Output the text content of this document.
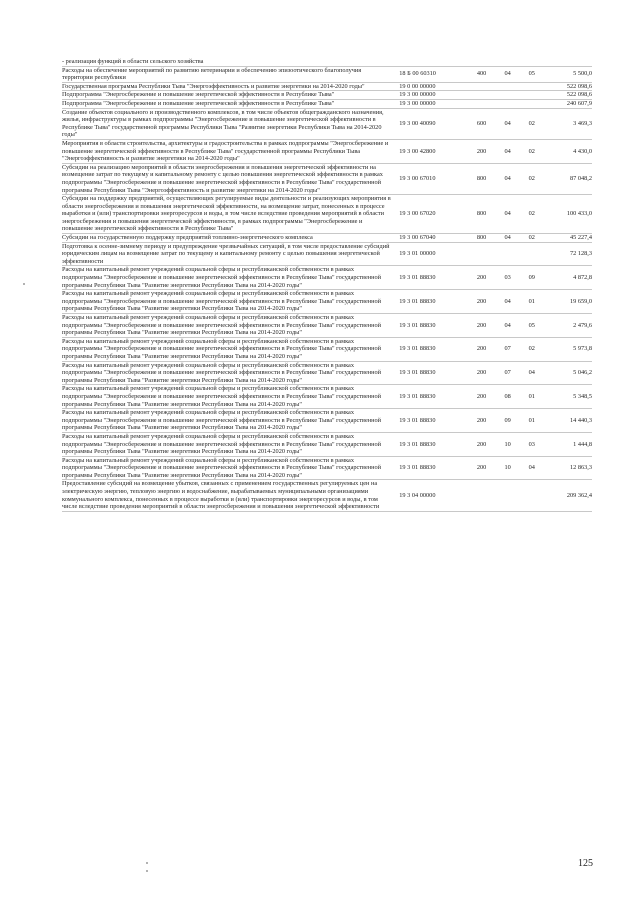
- реализация функций в области сельского хозяйства					
Расходы на обеспечение мероприятий по развитию ветеринарии и обеспечению эпизоотического благополучия территории республики	18 Б 00 60310	400	04	05	5 500,0
Государственная программа Республики Тыва "Энергоэффективность и развитие энергетики на 2014-2020 годы"	19 0 00 00000				522 098,6
Подпрограмма "Энергосбережение и повышение энергетической эффективности в Республике Тыва"	19 3 00 00000				522 098,6
Подпрограмма "Энергосбережение и повышение энергетической эффективности в Республике Тыва"	19 3 00 00000				240 607,9
Создание объектов социального и производственного комплексов, в том числе объектов общегражданского назначения, жилья, инфраструктуры в рамках подпрограммы "Энергосбережение и повышение энергетической эффективности в Республике Тыва" государственной программы Республики Тыва "Развитие энергетики Республики Тыва на 2014-2020 годы"	19 3 00 40090	600	04	02	3 469,3
Мероприятия в области строительства, архитектуры и градостроительства в рамках подпрограммы "Энергосбережение и повышение энергетической эффективности в Республике Тыва" государственной программы Республики Тыва "Энергоэффективность и развитие энергетики на 2014-2020 годы"	19 3 00 42800	200	04	02	4 430,0
Субсидии на реализацию мероприятий в области энергосбережения и повышения энергетической эффективности на возмещение затрат по текущему и капитальному ремонту с целью повышения энергетической эффективности в рамках подпрограммы "Энергосбережение и повышение энергетической эффективности в Республике Тыва" государственной программы Республики Тыва "Энергоэффективность и развитие энергетики на 2014-2020 годы"	19 3 00 67010	800	04	02	87 048,2
Субсидии на поддержку предприятий, осуществляющих регулируемые виды деятельности и реализующих мероприятия в области энергосбережения и повышения энергетической эффективности, на возмещение затрат, понесенных в процессе выработки и (или) транспортировки энергоресурсов и воды, в том числе вследствие проведения мероприятий в области энергосбережения и повышения энергетической эффективности, в рамках подпрограммы "Энергосбережение и повышение энергетической эффективности в Республике Тыва"	19 3 00 67020	800	04	02	100 433,0
Субсидии на государственную поддержку предприятий топливно-энергетического комплекса	19 3 00 67040	800	04	02	45 227,4
Подготовка к осенне-зимнему периоду и предупреждение чрезвычайных ситуаций, в том числе предоставление субсидий юридическим лицам на возмещение затрат по текущему и капитальному ремонту с целью повышения энергетической эффективности	19 3 01 00000				72 128,3
Расходы на капитальный ремонт учреждений социальной сферы и республиканской собственности в рамках подпрограммы "Энергосбережение и повышение энергетической эффективности в Республике Тыва" государственной программы Республики Тыва "Развитие энергетики Республики Тыва на 2014-2020 годы"	19 3 01 88830	200	03	09	4 872,8
Расходы на капитальный ремонт учреждений социальной сферы и республиканской собственности в рамках подпрограммы "Энергосбережение и повышение энергетической эффективности в Республике Тыва" государственной программы Республики Тыва "Развитие энергетики Республики Тыва на 2014-2020 годы"	19 3 01 88830	200	04	01	19 659,0
Расходы на капитальный ремонт учреждений социальной сферы и республиканской собственности в рамках подпрограммы "Энергосбережение и повышение энергетической эффективности в Республике Тыва" государственной программы Республики Тыва "Развитие энергетики Республики Тыва на 2014-2020 годы"	19 3 01 88830	200	04	05	2 479,6
Расходы на капитальный ремонт учреждений социальной сферы и республиканской собственности в рамках подпрограммы "Энергосбережение и повышение энергетической эффективности в Республике Тыва" государственной программы Республики Тыва "Развитие энергетики Республики Тыва на 2014-2020 годы"	19 3 01 88830	200	07	02	5 973,8
Расходы на капитальный ремонт учреждений социальной сферы и республиканской собственности в рамках подпрограммы "Энергосбережение и повышение энергетической эффективности в Республике Тыва" государственной программы Республики Тыва "Развитие энергетики Республики Тыва на 2014-2020 годы"	19 3 01 88830	200	07	04	5 046,2
Расходы на капитальный ремонт учреждений социальной сферы и республиканской собственности в рамках подпрограммы "Энергосбережение и повышение энергетической эффективности в Республике Тыва" государственной программы Республики Тыва "Развитие энергетики Республики Тыва на 2014-2020 годы"	19 3 01 88830	200	08	01	5 348,5
Расходы на капитальный ремонт учреждений социальной сферы и республиканской собственности в рамках подпрограммы "Энергосбережение и повышение энергетической эффективности в Республике Тыва" государственной программы Республики Тыва "Развитие энергетики Республики Тыва на 2014-2020 годы"	19 3 01 88830	200	09	01	14 440,3
Расходы на капитальный ремонт учреждений социальной сферы и республиканской собственности в рамках подпрограммы "Энергосбережение и повышение энергетической эффективности в Республике Тыва" государственной программы Республики Тыва "Развитие энергетики Республики Тыва на 2014-2020 годы"	19 3 01 88830	200	10	03	1 444,8
Расходы на капитальный ремонт учреждений социальной сферы и республиканской собственности в рамках подпрограммы "Энергосбережение и повышение энергетической эффективности в Республике Тыва" государственной программы Республики Тыва "Развитие энергетики Республики Тыва на 2014-2020 годы"	19 3 01 88830	200	10	04	12 863,3
Предоставление субсидий на возмещение убытков, связанных с применением государственных регулируемых цен на электрическую энергию, тепловую энергию и водоснабжение, вырабатываемых муниципальными организациями коммунального комплекса, понесенных в процессе выработки и (или) транспортировки энергоресурсов и воды, в том числе вследствие проведения мероприятий в области энергосбережения и повышения энергетической эффективности	19 3 04 00000				209 362,4
125
